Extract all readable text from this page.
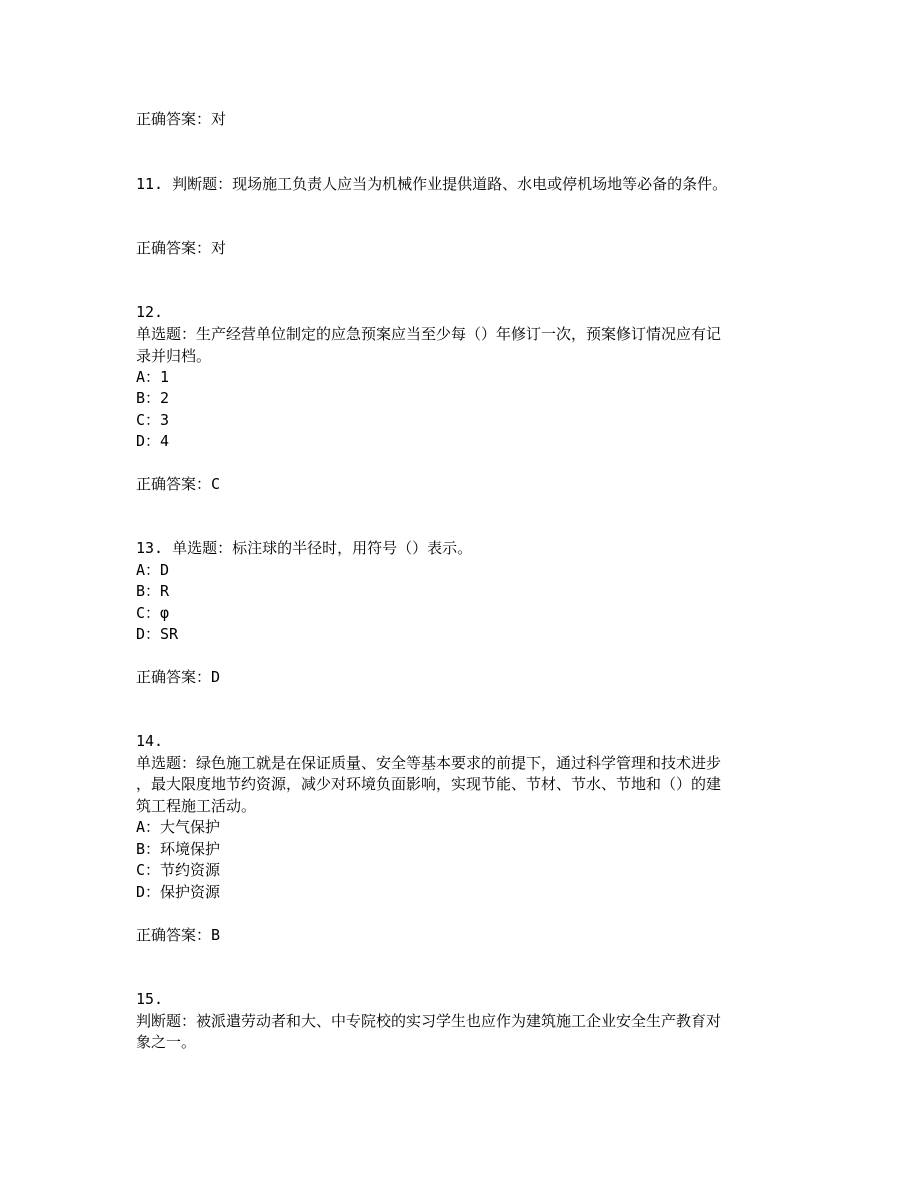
正确答案：对
11. 判断题：现场施工负责人应当为机械作业提供道路、水电或停机场地等必备的条件。
正确答案：对
12.
单选题：生产经营单位制定的应急预案应当至少每（）年修订一次，预案修订情况应有记
录并归档。
A：1
B：2
C：3
D：4
正确答案：C
13. 单选题：标注球的半径时，用符号（）表示。
A：D
B：R
C：φ
D：SR
正确答案：D
14.
单选题：绿色施工就是在保证质量、安全等基本要求的前提下，通过科学管理和技术进步
，最大限度地节约资源，减少对环境负面影响，实现节能、节材、节水、节地和（）的建
筑工程施工活动。
A：大气保护
B：环境保护
C：节约资源
D：保护资源
正确答案：B
15.
判断题：被派遣劳动者和大、中专院校的实习学生也应作为建筑施工企业安全生产教育对
象之一。
